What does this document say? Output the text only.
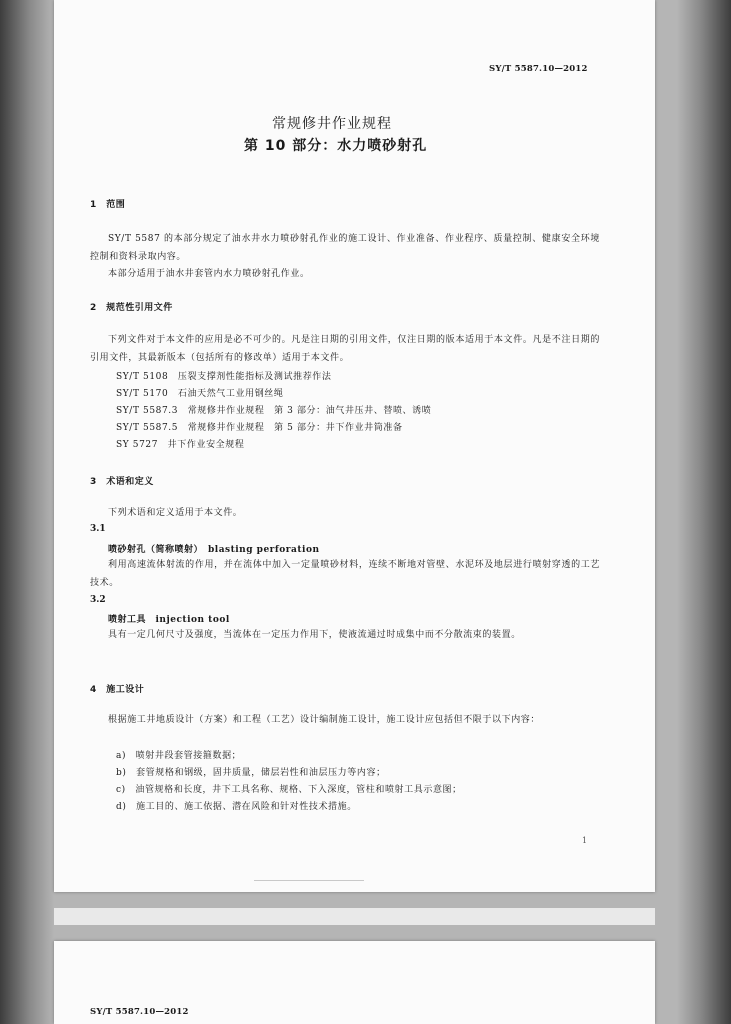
SY/T 5587.10—2012
常规修井作业规程
第 10 部分：水力喷砂射孔
1　范围
SY/T 5587 的本部分规定了油水井水力喷砂射孔作业的施工设计、作业准备、作业程序、质量控制、健康安全环境控制和资料录取内容。
本部分适用于油水井套管内水力喷砂射孔作业。
2　规范性引用文件
下列文件对于本文件的应用是必不可少的。凡是注日期的引用文件，仅注日期的版本适用于本文件。凡是不注日期的引用文件，其最新版本（包括所有的修改单）适用于本文件。
SY/T 5108　压裂支撑剂性能指标及测试推荐作法
SY/T 5170　石油天然气工业用钢丝绳
SY/T 5587.3　常规修井作业规程　第 3 部分：油气井压井、替喷、诱喷
SY/T 5587.5　常规修井作业规程　第 5 部分：井下作业井筒准备
SY 5727　井下作业安全规程
3　术语和定义
下列术语和定义适用于本文件。
3.1
喷砂射孔（简称喷射）　blasting perforation
利用高速流体射流的作用，并在流体中加入一定量喷砂材料，连续不断地对管壁、水泥环及地层进行喷射穿透的工艺技术。
3.2
喷射工具　injection tool
具有一定几何尺寸及强度，当流体在一定压力作用下，使液流通过时成集中而不分散流束的装置。
4　施工设计
根据施工井地质设计（方案）和工程（工艺）设计编制施工设计，施工设计应包括但不限于以下内容：
a)　喷射井段套管接箍数据；
b)　套管规格和钢级，固井质量，储层岩性和油层压力等内容；
c)　油管规格和长度，井下工具名称、规格、下入深度，管柱和喷射工具示意图；
d)　施工目的、施工依据、潜在风险和针对性技术措施。
1
SY/T 5587.10—2012
